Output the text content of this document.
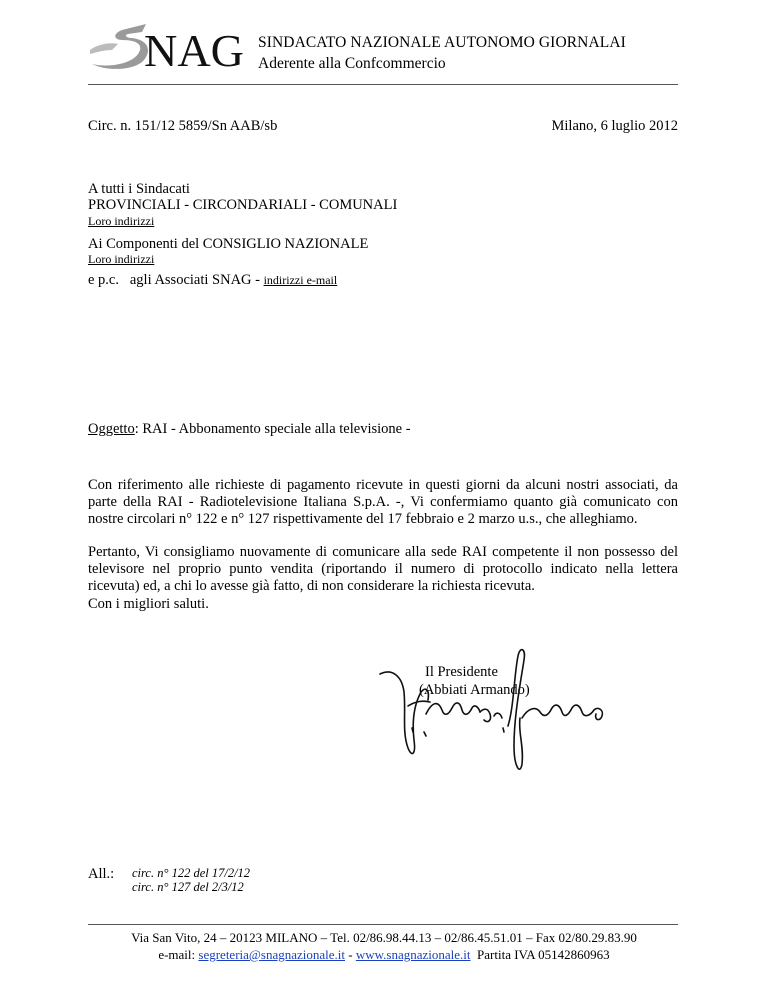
NAG SINDACATO NAZIONALE AUTONOMO GIORNALAI
Aderente alla Confcommercio
Circ. n. 151/12 5859/Sn AAB/sb	Milano, 6 luglio 2012
A tutti i Sindacati
PROVINCIALI - CIRCONDARIALI - COMUNALI
Loro indirizzi
Ai Componenti del CONSIGLIO NAZIONALE
Loro indirizzi
e p.c.   agli Associati SNAG - indirizzi e-mail
Oggetto: RAI - Abbonamento speciale alla televisione -
Con riferimento alle richieste di pagamento ricevute in questi giorni da alcuni nostri associati, da parte della RAI - Radiotelevisione Italiana S.p.A. -, Vi confermiamo quanto già comunicato con nostre circolari n° 122 e n° 127 rispettivamente del 17 febbraio e 2 marzo u.s., che alleghiamo.
Pertanto, Vi consigliamo nuovamente di comunicare alla sede RAI competente il non possesso del televisore nel proprio punto vendita (riportando il numero di protocollo indicato nella lettera ricevuta) ed, a chi lo avesse già fatto, di non considerare la richiesta ricevuta.
Con i migliori saluti.
Il Presidente
(Abbiati Armando)
All.: circ. n° 122 del 17/2/12
circ. n° 127 del 2/3/12
Via San Vito, 24 – 20123 MILANO – Tel. 02/86.98.44.13 – 02/86.45.51.01 – Fax 02/80.29.83.90
e-mail: segreteria@snagnazionale.it - www.snagnazionale.it  Partita IVA 05142860963
